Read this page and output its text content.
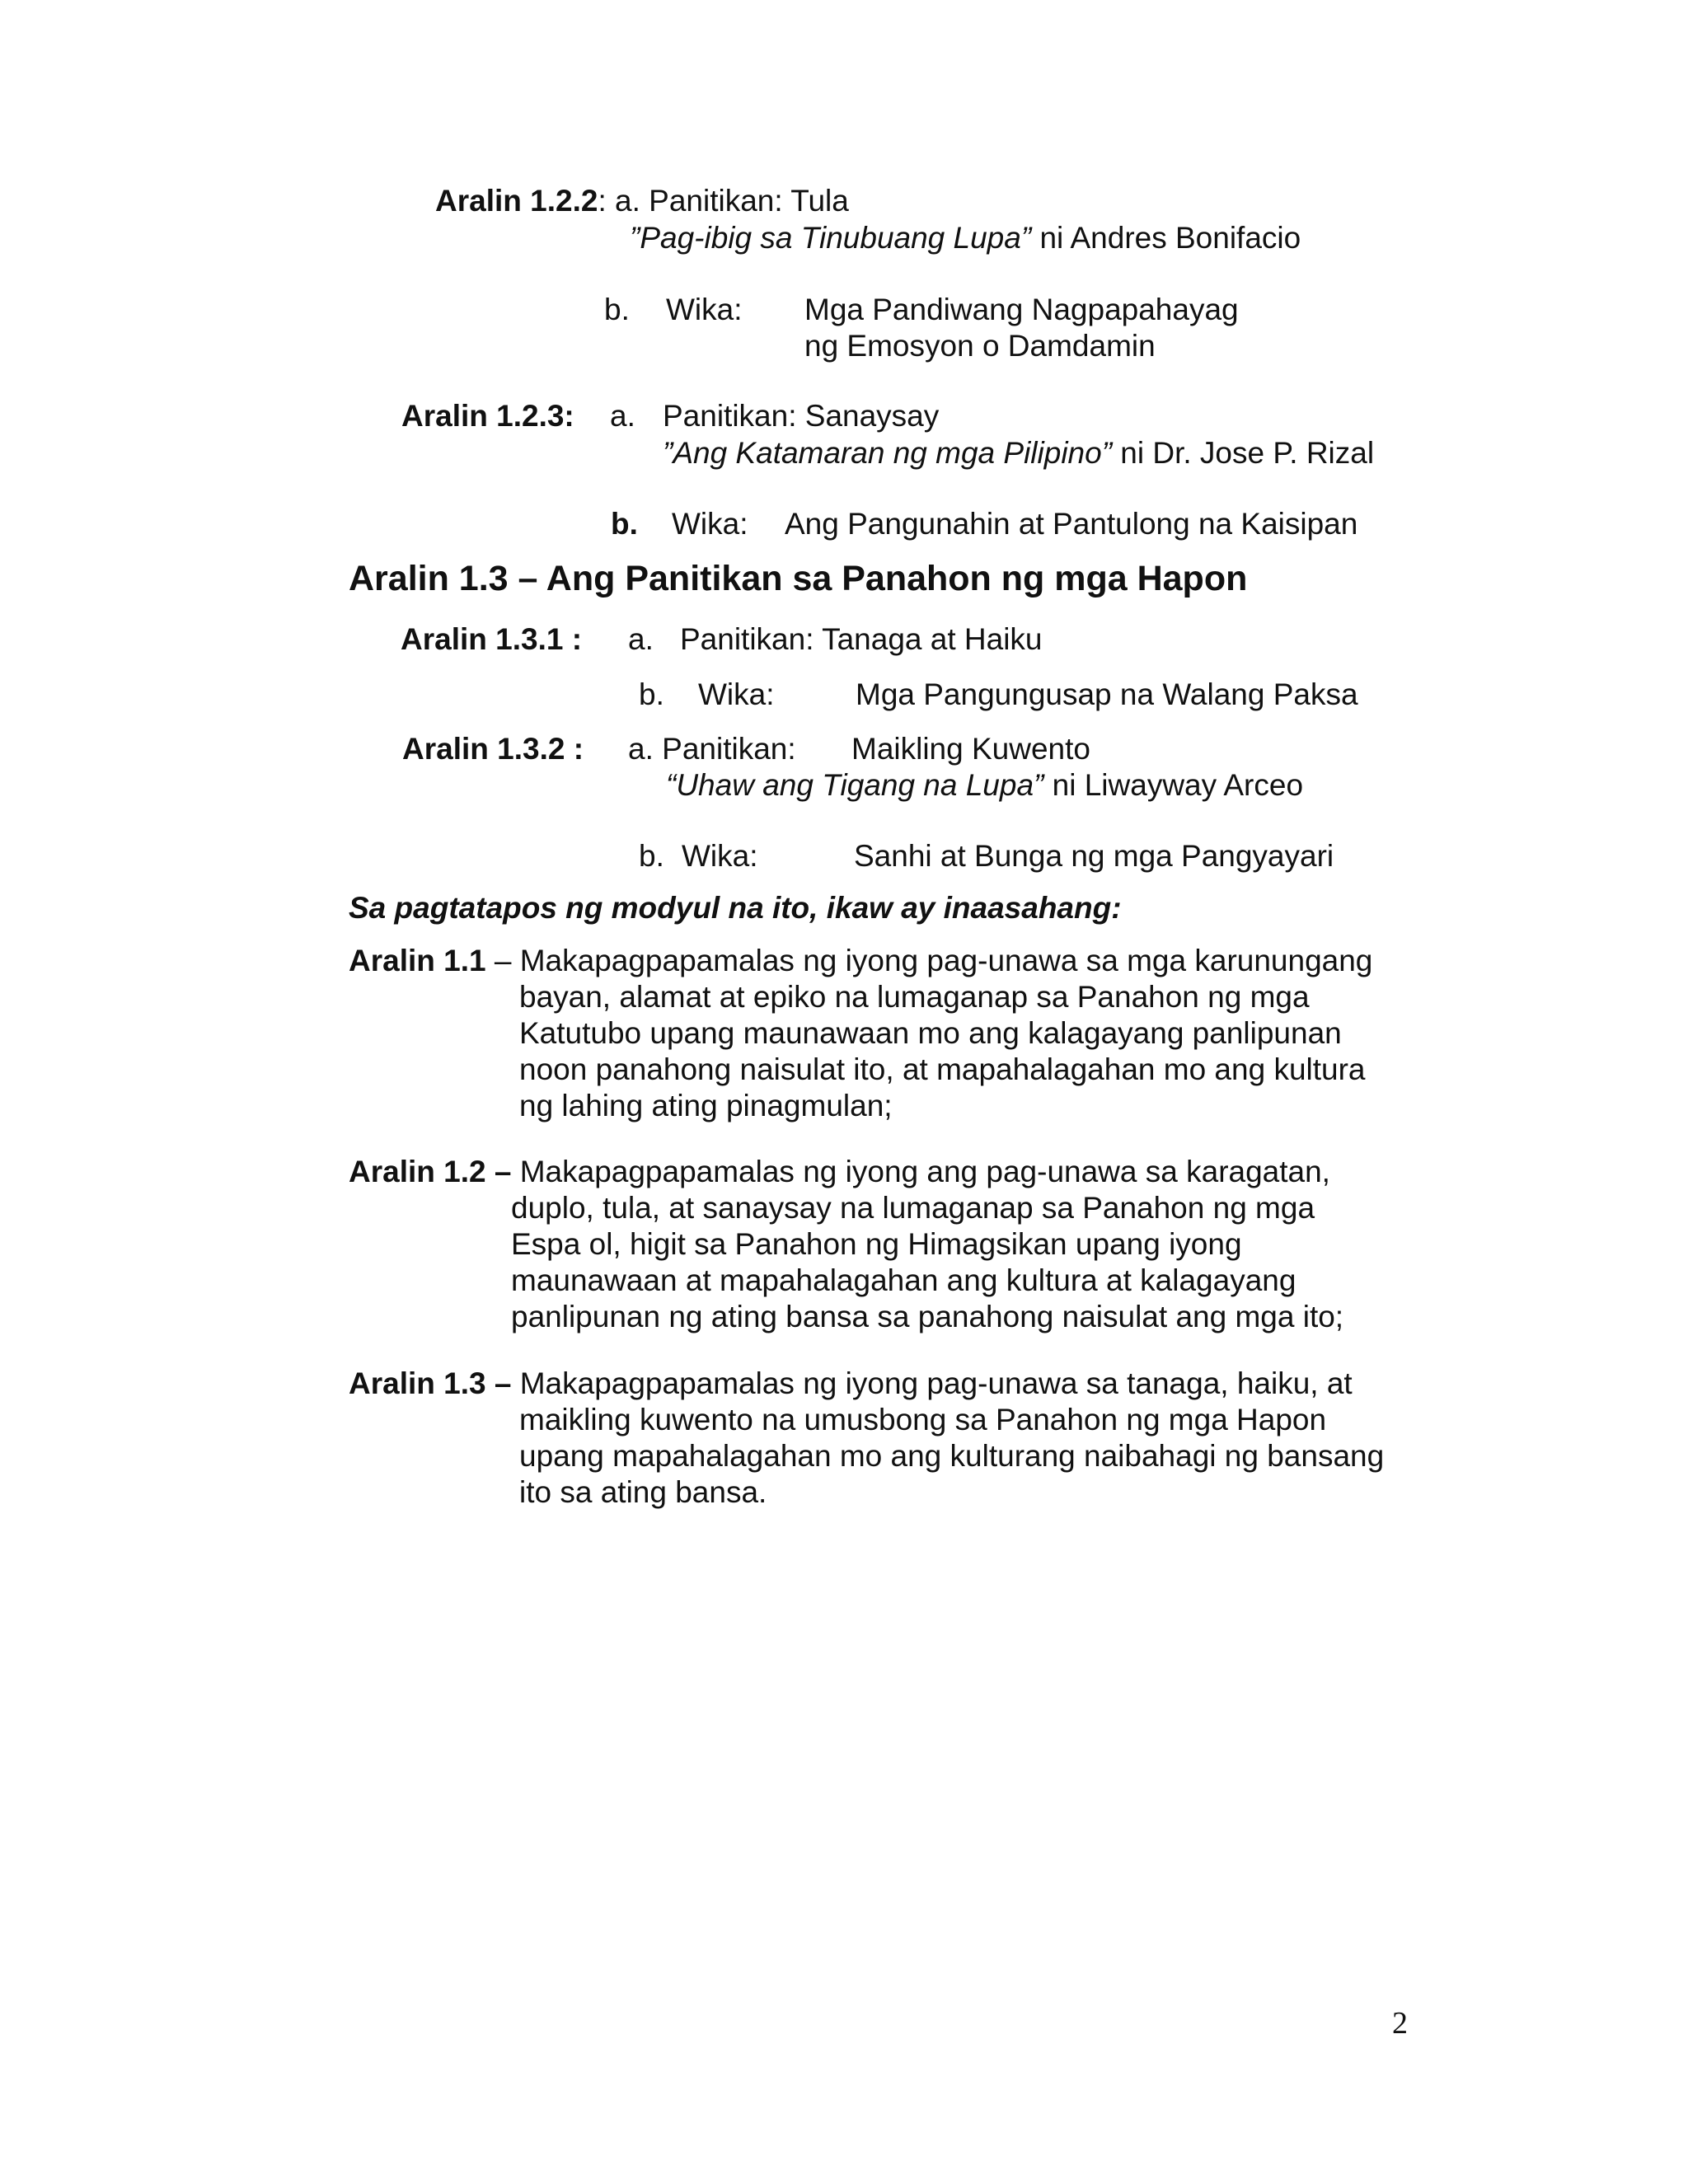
Aralin 1.2.2: a. Panitikan: Tula
”Pag-ibig sa Tinubuang Lupa” ni Andres Bonifacio
b. Wika: Mga Pandiwang Nagpapahayag
ng Emosyon o Damdamin
Aralin 1.2.3: a. Panitikan: Sanaysay
”Ang Katamaran ng mga Pilipino” ni Dr. Jose P. Rizal
b. Wika: Ang Pangunahin at Pantulong na Kaisipan
Aralin 1.3 – Ang Panitikan sa Panahon ng mga Hapon
Aralin 1.3.1 : a. Panitikan: Tanaga at Haiku
b. Wika:	Mga Pangungusap na Walang Paksa
Aralin 1.3.2 : a. Panitikan: Maikling Kuwento
“Uhaw ang Tigang na Lupa” ni Liwayway Arceo
b. Wika:	Sanhi at Bunga ng mga Pangyayari
Sa pagtatapos ng modyul na ito, ikaw ay inaasahang:
Aralin 1.1 – Makapagpapamalas ng iyong pag-unawa sa mga karunungang
bayan, alamat at epiko na lumaganap sa Panahon ng mga
Katutubo upang maunawaan mo ang kalagayang panlipunan
noon panahong naisulat ito, at mapahalagahan mo ang kultura
ng lahing ating pinagmulan;
Aralin 1.2 – Makapagpapamalas ng iyong ang pag-unawa sa karagatan,
duplo, tula, at sanaysay na lumaganap sa Panahon ng mga
Espa ol, higit sa Panahon ng Himagsikan upang iyong
maunawaan at mapahalagahan ang kultura at kalagayang
panlipunan ng ating bansa sa panahong naisulat ang mga ito;
Aralin 1.3 – Makapagpapamalas ng iyong pag-unawa sa tanaga, haiku, at
maikling kuwento na umusbong sa Panahon ng mga Hapon
upang mapahalagahan mo ang kulturang naibahagi ng bansang
ito sa ating bansa.
2
